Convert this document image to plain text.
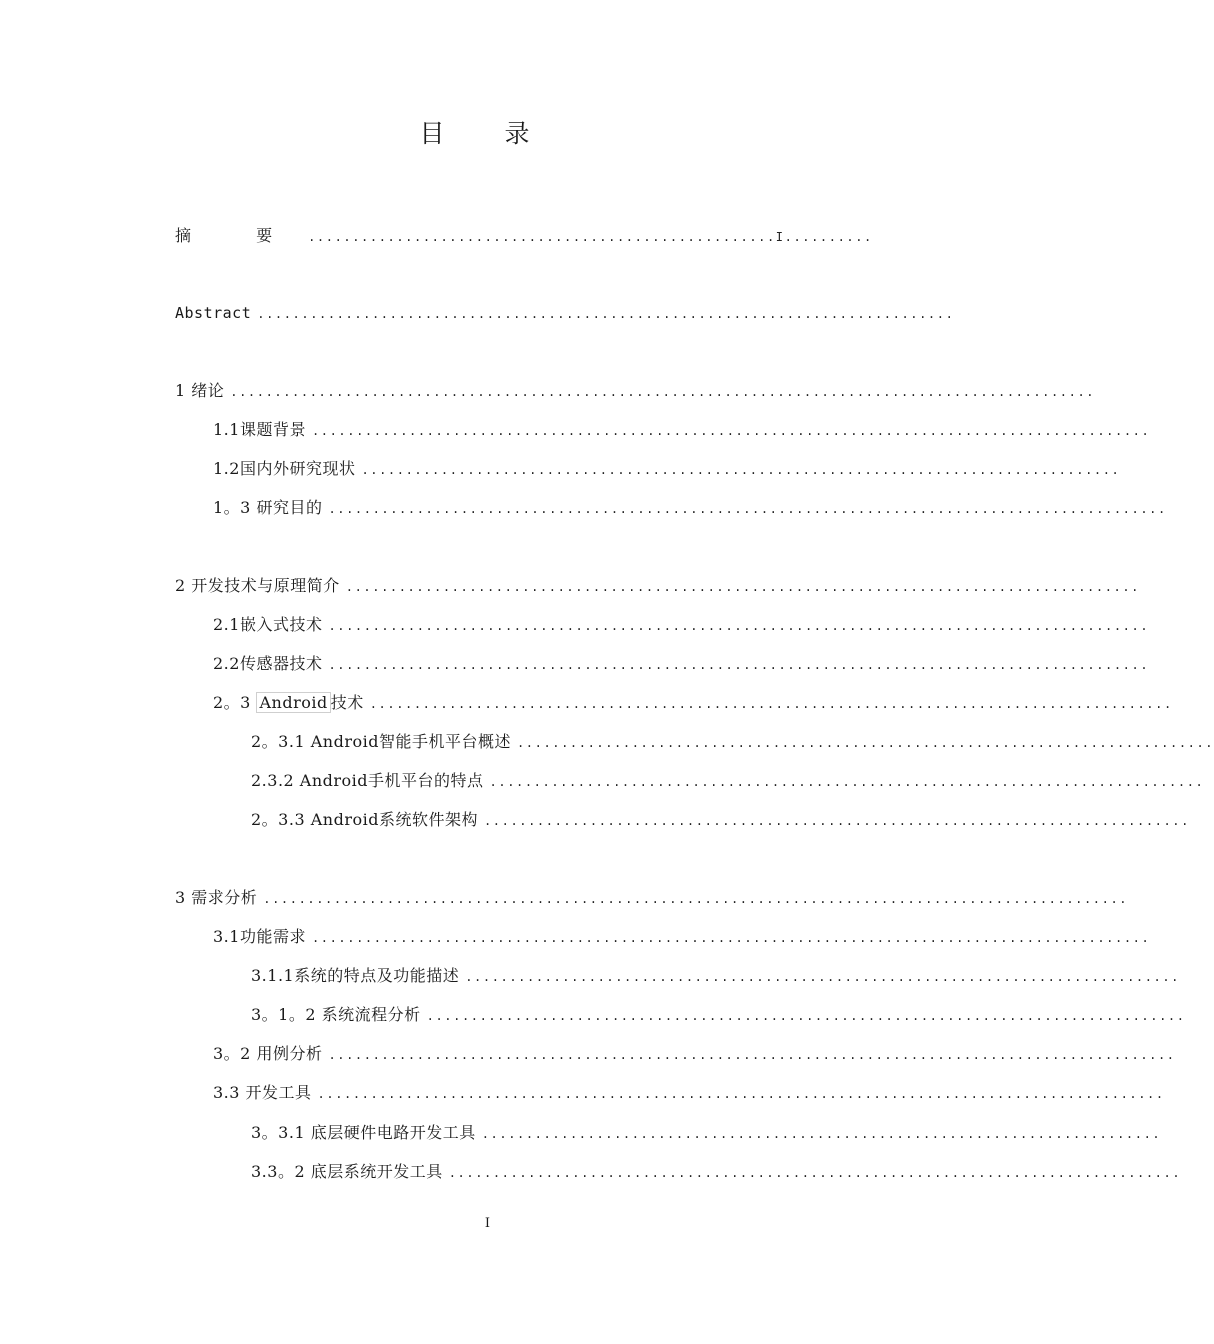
目 录
摘 要 .....................................................I..........
Abstract ...............................................................................
1 绪论 ..................................................................................................
1.1课题背景 ...............................................................................................
1.2国内外研究现状 ......................................................................................
1。3 研究目的 ...............................................................................................
2 开发技术与原理简介 ..........................................................................................
2.1嵌入式技术 .............................................................................................
2.2传感器技术 .............................................................................................
2。3 Android 技术 ...........................................................................................
2。3.1 Android智能手机平台概述 ...............................................................................
2.3.2 Android手机平台的特点 .................................................................................
2。3.3 Android系统软件架构 ................................................................................
3 需求分析 ..................................................................................................
3.1功能需求 ...............................................................................................
3.1.1系统的特点及功能描述 .................................................................................
3。1。2 系统流程分析 ......................................................................................
3。2 用例分析 ................................................................................................
3.3 开发工具 ................................................................................................
3。3.1 底层硬件电路开发工具 .............................................................................
3.3。2 底层系统开发工具 ...................................................................................
I
